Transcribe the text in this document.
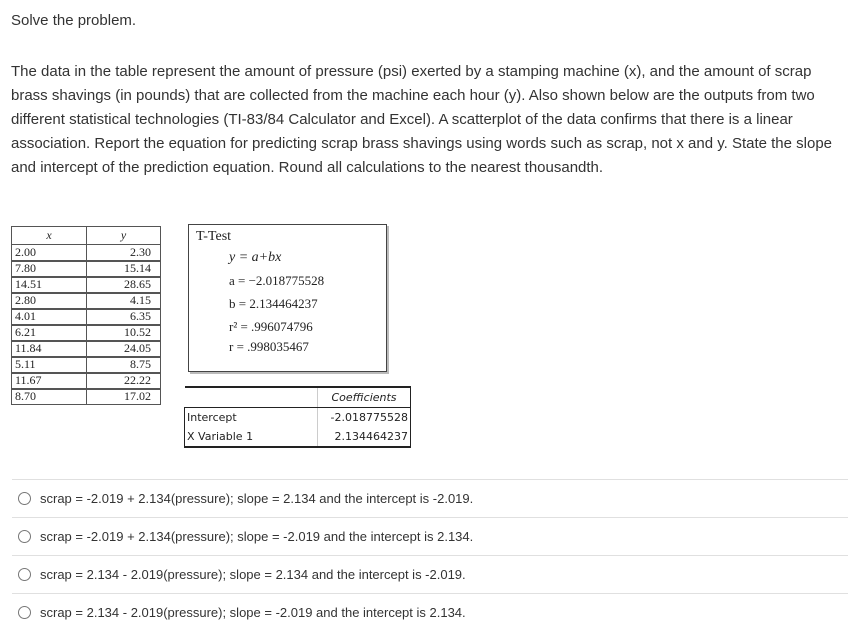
Solve the problem.
The data in the table represent the amount of pressure (psi) exerted by a stamping machine (x), and the amount of scrap brass shavings (in pounds) that are collected from the machine each hour (y). Also shown below are the outputs from two different statistical technologies (TI-83/84 Calculator and Excel). A scatterplot of the data confirms that there is a linear association. Report the equation for predicting scrap brass shavings using words such as scrap, not x and y. State the slope and intercept of the prediction equation. Round all calculations to the nearest thousandth.
x	y
2.00	2.30
7.80	15.14
14.51	28.65
2.80	4.15
4.01	6.35
6.21	10.52
11.84	24.05
5.11	8.75
11.67	22.22
8.70	17.02
T-Test
y = a+bx
a = −2.018775528
b = 2.134464237
r² = .996074796
r = .998035467
	Coefficients
Intercept	-2.018775528
X Variable 1	2.134464237
scrap = -2.019 + 2.134(pressure); slope = 2.134 and the intercept is -2.019.
scrap = -2.019 + 2.134(pressure); slope = -2.019 and the intercept is 2.134.
scrap = 2.134 - 2.019(pressure); slope = 2.134 and the intercept is -2.019.
scrap = 2.134 - 2.019(pressure); slope = -2.019 and the intercept is 2.134.
